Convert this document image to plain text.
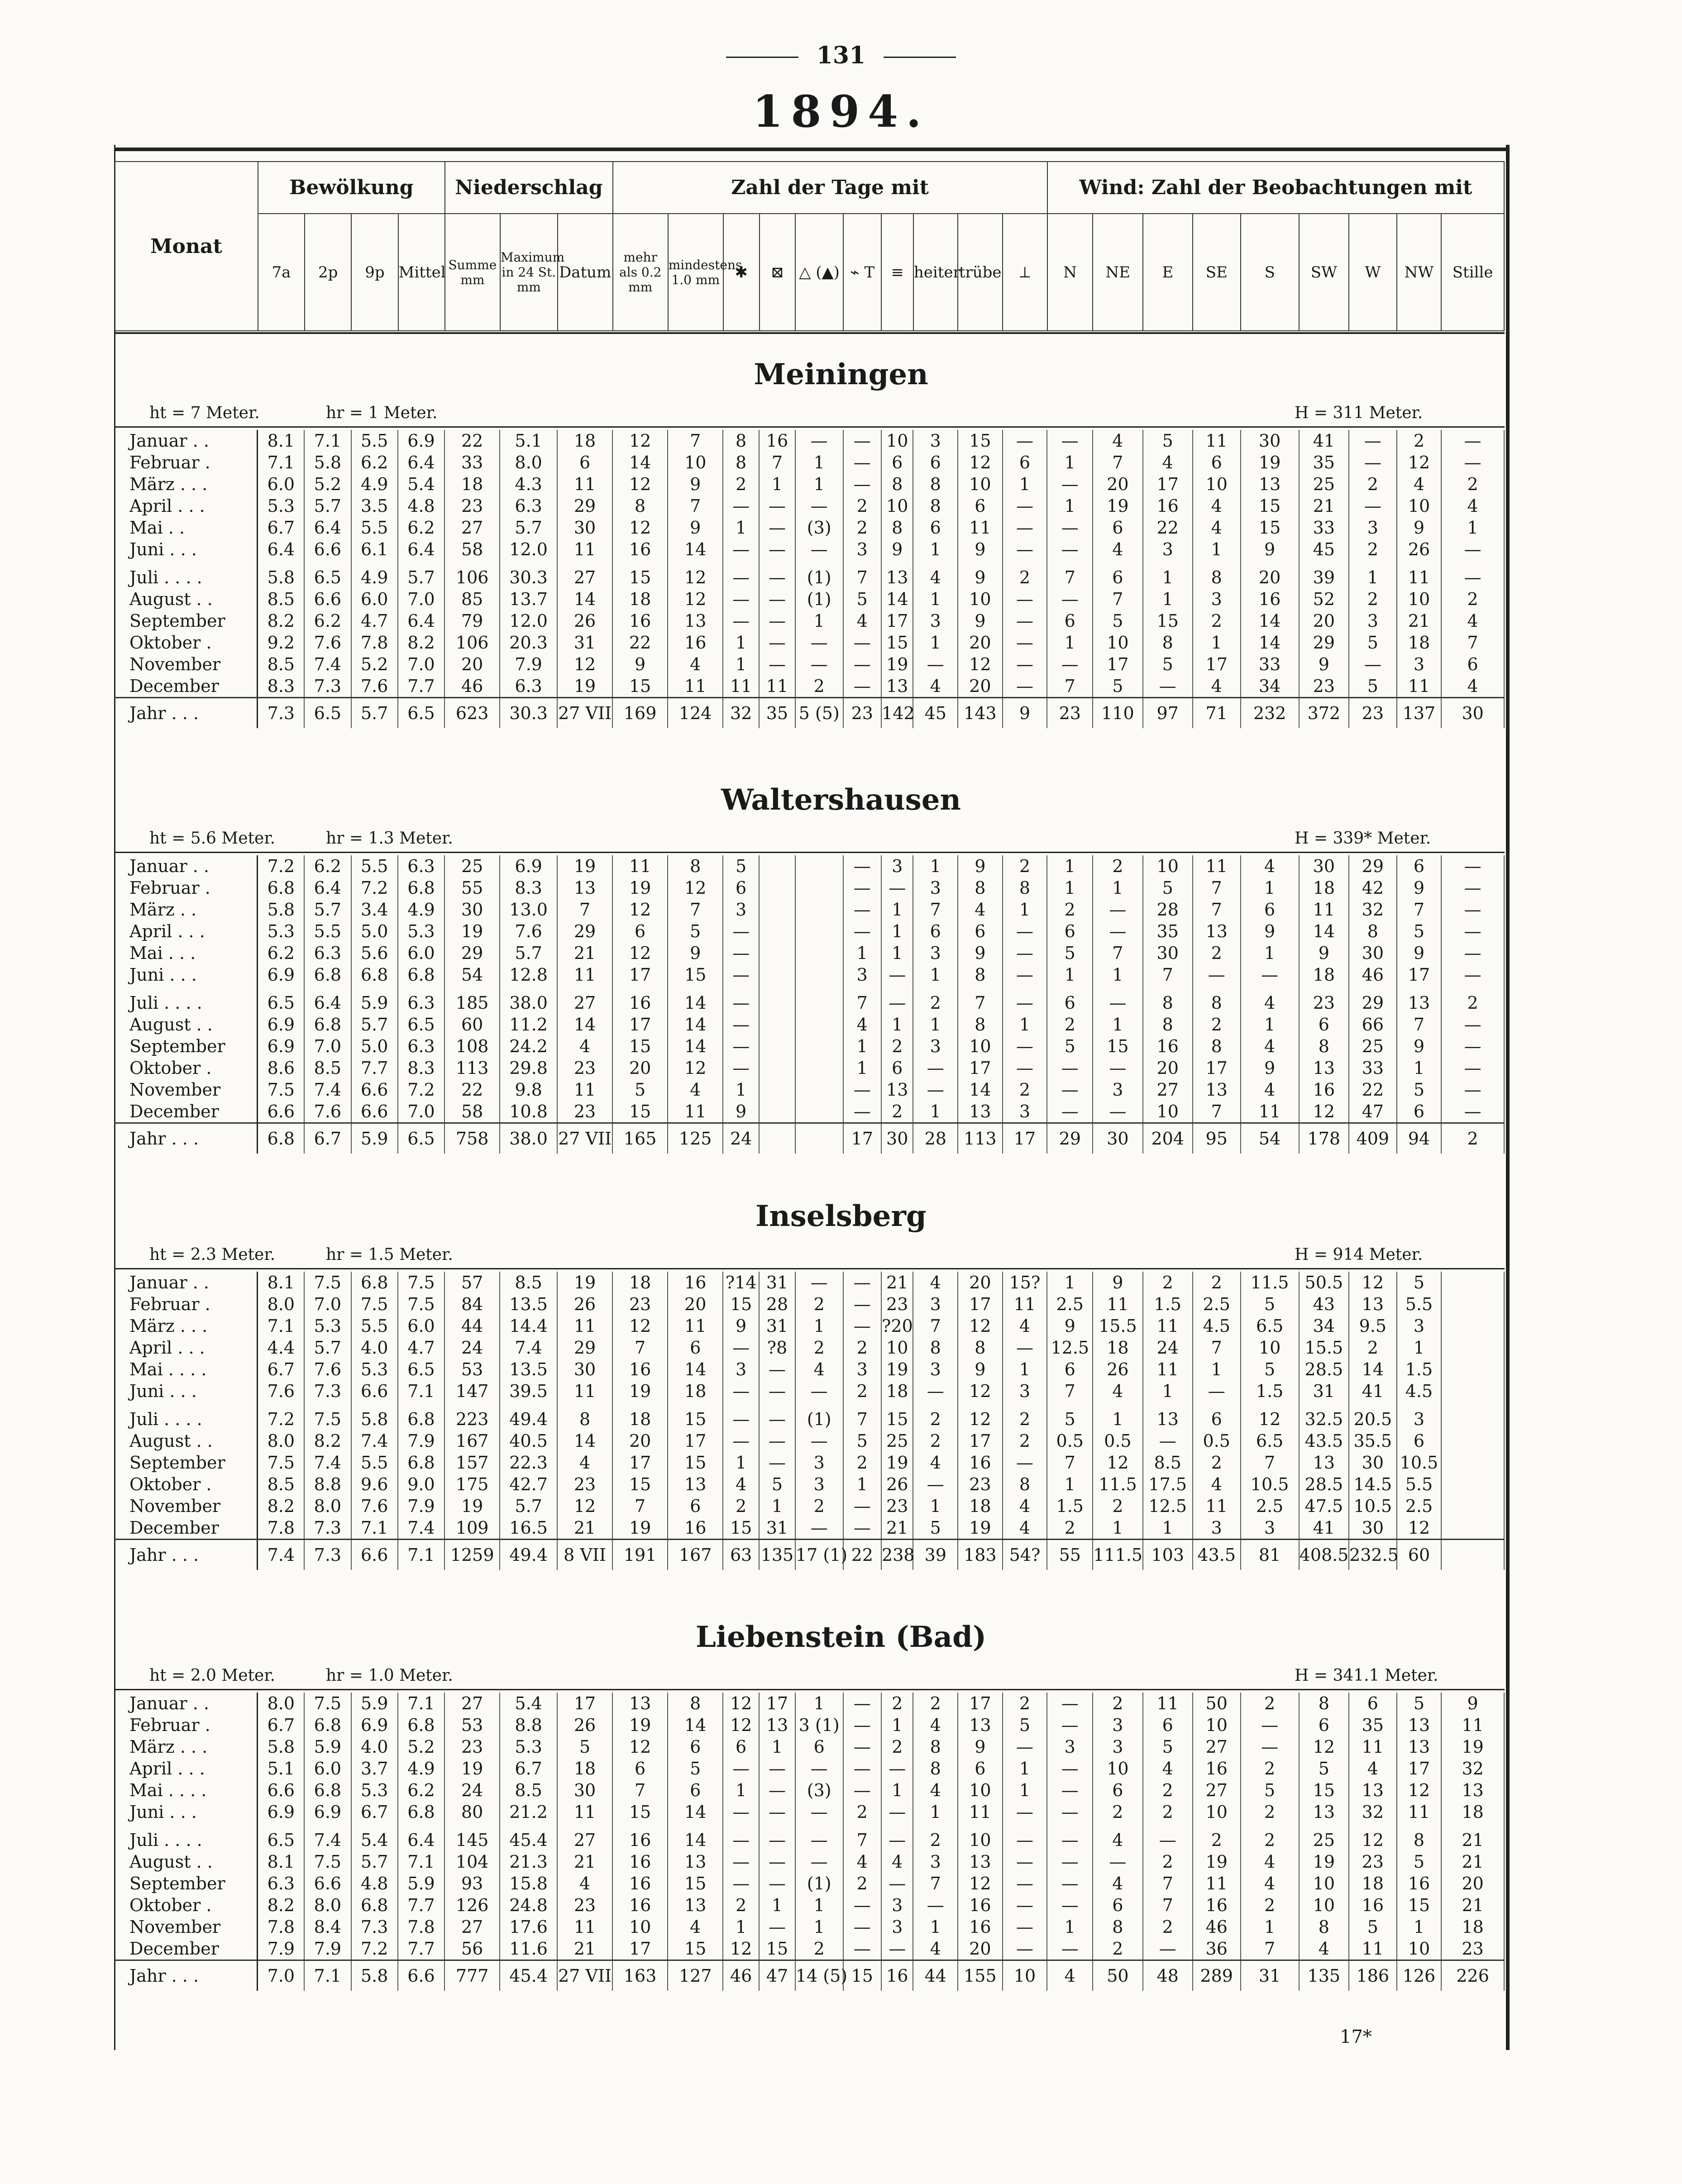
131
1894.
Monat	Bewölkung				Niederschlag			Zahl der Tage mit										Wind: Zahl der Beobachtungen mit								
	7a	2p	9p	Mittel	Summe mm	Maximum in 24 St. mm	Datum	mehr als 0.2 mm	mindestens 1.0 mm	✱	⊠	△ (▲)	⌁ T	≡	heiter	trübe	⟂	N	NE	E	SE	S	SW	W	NW	Stille
Meiningen
ht = 7 Meter.	hr = 1 Meter.	H = 311 Meter.
Januar . .	8.1	7.1	5.5	6.9	22	5.1	18	12	7	8	16	—	—	10	3	15	—	—	4	5	11	30	41	—	2	—
Februar .	7.1	5.8	6.2	6.4	33	8.0	6	14	10	8	7	1	—	6	6	12	6	1	7	4	6	19	35	—	12	—
März . . .	6.0	5.2	4.9	5.4	18	4.3	11	12	9	2	1	1	—	8	8	10	1	—	20	17	10	13	25	2	4	2
April . . .	5.3	5.7	3.5	4.8	23	6.3	29	8	7	—	—	—	2	10	8	6	—	1	19	16	4	15	21	—	10	4
Mai . .	6.7	6.4	5.5	6.2	27	5.7	30	12	9	1	—	(3)	2	8	6	11	—	—	6	22	4	15	33	3	9	1
Juni . . .	6.4	6.6	6.1	6.4	58	12.0	11	16	14	—	—	—	3	9	1	9	—	—	4	3	1	9	45	2	26	—
Juli . . . .	5.8	6.5	4.9	5.7	106	30.3	27	15	12	—	—	(1)	7	13	4	9	2	7	6	1	8	20	39	1	11	—
August . .	8.5	6.6	6.0	7.0	85	13.7	14	18	12	—	—	(1)	5	14	1	10	—	—	7	1	3	16	52	2	10	2
September	8.2	6.2	4.7	6.4	79	12.0	26	16	13	—	—	1	4	17	3	9	—	6	5	15	2	14	20	3	21	4
Oktober .	9.2	7.6	7.8	8.2	106	20.3	31	22	16	1	—	—	—	15	1	20	—	1	10	8	1	14	29	5	18	7
November	8.5	7.4	5.2	7.0	20	7.9	12	9	4	1	—	—	—	19	—	12	—	—	17	5	17	33	9	—	3	6
December	8.3	7.3	7.6	7.7	46	6.3	19	15	11	11	11	2	—	13	4	20	—	7	5	—	4	34	23	5	11	4
Jahr . . .	7.3	6.5	5.7	6.5	623	30.3	27 VII	169	124	32	35	5 (5)	23	142	45	143	9	23	110	97	71	232	372	23	137	30
Waltershausen
ht = 5.6 Meter.	hr = 1.3 Meter.	H = 339* Meter.
Januar . .	7.2	6.2	5.5	6.3	25	6.9	19	11	8	5			—	3	1	9	2	1	2	10	11	4	30	29	6	—
Februar .	6.8	6.4	7.2	6.8	55	8.3	13	19	12	6			—	—	3	8	8	1	1	5	7	1	18	42	9	—
März . .	5.8	5.7	3.4	4.9	30	13.0	7	12	7	3			—	1	7	4	1	2	—	28	7	6	11	32	7	—
April . . .	5.3	5.5	5.0	5.3	19	7.6	29	6	5	—			—	1	6	6	—	6	—	35	13	9	14	8	5	—
Mai . . .	6.2	6.3	5.6	6.0	29	5.7	21	12	9	—			1	1	3	9	—	5	7	30	2	1	9	30	9	—
Juni . . .	6.9	6.8	6.8	6.8	54	12.8	11	17	15	—			3	—	1	8	—	1	1	7	—	—	18	46	17	—
Juli . . . .	6.5	6.4	5.9	6.3	185	38.0	27	16	14	—			7	—	2	7	—	6	—	8	8	4	23	29	13	2
August . .	6.9	6.8	5.7	6.5	60	11.2	14	17	14	—			4	1	1	8	1	2	1	8	2	1	6	66	7	—
September	6.9	7.0	5.0	6.3	108	24.2	4	15	14	—			1	2	3	10	—	5	15	16	8	4	8	25	9	—
Oktober .	8.6	8.5	7.7	8.3	113	29.8	23	20	12	—			1	6	—	17	—	—	—	20	17	9	13	33	1	—
November	7.5	7.4	6.6	7.2	22	9.8	11	5	4	1			—	13	—	14	2	—	3	27	13	4	16	22	5	—
December	6.6	7.6	6.6	7.0	58	10.8	23	15	11	9			—	2	1	13	3	—	—	10	7	11	12	47	6	—
Jahr . . .	6.8	6.7	5.9	6.5	758	38.0	27 VII	165	125	24			17	30	28	113	17	29	30	204	95	54	178	409	94	2
Inselsberg
ht = 2.3 Meter.	hr = 1.5 Meter.	H = 914 Meter.
Januar . .	8.1	7.5	6.8	7.5	57	8.5	19	18	16	?14	31	—	—	21	4	20	15?	1	9	2	2	11.5	50.5	12	5	
Februar .	8.0	7.0	7.5	7.5	84	13.5	26	23	20	15	28	2	—	23	3	17	11	2.5	11	1.5	2.5	5	43	13	5.5	
März . . .	7.1	5.3	5.5	6.0	44	14.4	11	12	11	9	31	1	—	?20	7	12	4	9	15.5	11	4.5	6.5	34	9.5	3	
April . . .	4.4	5.7	4.0	4.7	24	7.4	29	7	6	—	?8	2	2	10	8	8	—	12.5	18	24	7	10	15.5	2	1	
Mai . . . .	6.7	7.6	5.3	6.5	53	13.5	30	16	14	3	—	4	3	19	3	9	1	6	26	11	1	5	28.5	14	1.5	
Juni . . .	7.6	7.3	6.6	7.1	147	39.5	11	19	18	—	—	—	2	18	—	12	3	7	4	1	—	1.5	31	41	4.5	
Juli . . . .	7.2	7.5	5.8	6.8	223	49.4	8	18	15	—	—	(1)	7	15	2	12	2	5	1	13	6	12	32.5	20.5	3	
August . .	8.0	8.2	7.4	7.9	167	40.5	14	20	17	—	—	—	5	25	2	17	2	0.5	0.5	—	0.5	6.5	43.5	35.5	6	
September	7.5	7.4	5.5	6.8	157	22.3	4	17	15	1	—	3	2	19	4	16	—	7	12	8.5	2	7	13	30	10.5	
Oktober .	8.5	8.8	9.6	9.0	175	42.7	23	15	13	4	5	3	1	26	—	23	8	1	11.5	17.5	4	10.5	28.5	14.5	5.5	
November	8.2	8.0	7.6	7.9	19	5.7	12	7	6	2	1	2	—	23	1	18	4	1.5	2	12.5	11	2.5	47.5	10.5	2.5	
December	7.8	7.3	7.1	7.4	109	16.5	21	19	16	15	31	—	—	21	5	19	4	2	1	1	3	3	41	30	12	
Jahr . . .	7.4	7.3	6.6	7.1	1259	49.4	8 VII	191	167	63	135	17 (1)	22	238	39	183	54?	55	111.5	103	43.5	81	408.5	232.5	60	
Liebenstein (Bad)
ht = 2.0 Meter.	hr = 1.0 Meter.	H = 341.1 Meter.
Januar . .	8.0	7.5	5.9	7.1	27	5.4	17	13	8	12	17	1	—	2	2	17	2	—	2	11	50	2	8	6	5	9
Februar .	6.7	6.8	6.9	6.8	53	8.8	26	19	14	12	13	3 (1)	—	1	4	13	5	—	3	6	10	—	6	35	13	11
März . . .	5.8	5.9	4.0	5.2	23	5.3	5	12	6	6	1	6	—	2	8	9	—	3	3	5	27	—	12	11	13	19
April . . .	5.1	6.0	3.7	4.9	19	6.7	18	6	5	—	—	—	—	—	8	6	1	—	10	4	16	2	5	4	17	32
Mai . . . .	6.6	6.8	5.3	6.2	24	8.5	30	7	6	1	—	(3)	—	1	4	10	1	—	6	2	27	5	15	13	12	13
Juni . . .	6.9	6.9	6.7	6.8	80	21.2	11	15	14	—	—	—	2	—	1	11	—	—	2	2	10	2	13	32	11	18
Juli . . . .	6.5	7.4	5.4	6.4	145	45.4	27	16	14	—	—	—	7	—	2	10	—	—	4	—	2	2	25	12	8	21
August . .	8.1	7.5	5.7	7.1	104	21.3	21	16	13	—	—	—	4	4	3	13	—	—	—	2	19	4	19	23	5	21
September	6.3	6.6	4.8	5.9	93	15.8	4	16	15	—	—	(1)	2	—	7	12	—	—	4	7	11	4	10	18	16	20
Oktober .	8.2	8.0	6.8	7.7	126	24.8	23	16	13	2	1	1	—	3	—	16	—	—	6	7	16	2	10	16	15	21
November	7.8	8.4	7.3	7.8	27	17.6	11	10	4	1	—	1	—	3	1	16	—	1	8	2	46	1	8	5	1	18
December	7.9	7.9	7.2	7.7	56	11.6	21	17	15	12	15	2	—	—	4	20	—	—	2	—	36	7	4	11	10	23
Jahr . . .	7.0	7.1	5.8	6.6	777	45.4	27 VII	163	127	46	47	14 (5)	15	16	44	155	10	4	50	48	289	31	135	186	126	226
17*
